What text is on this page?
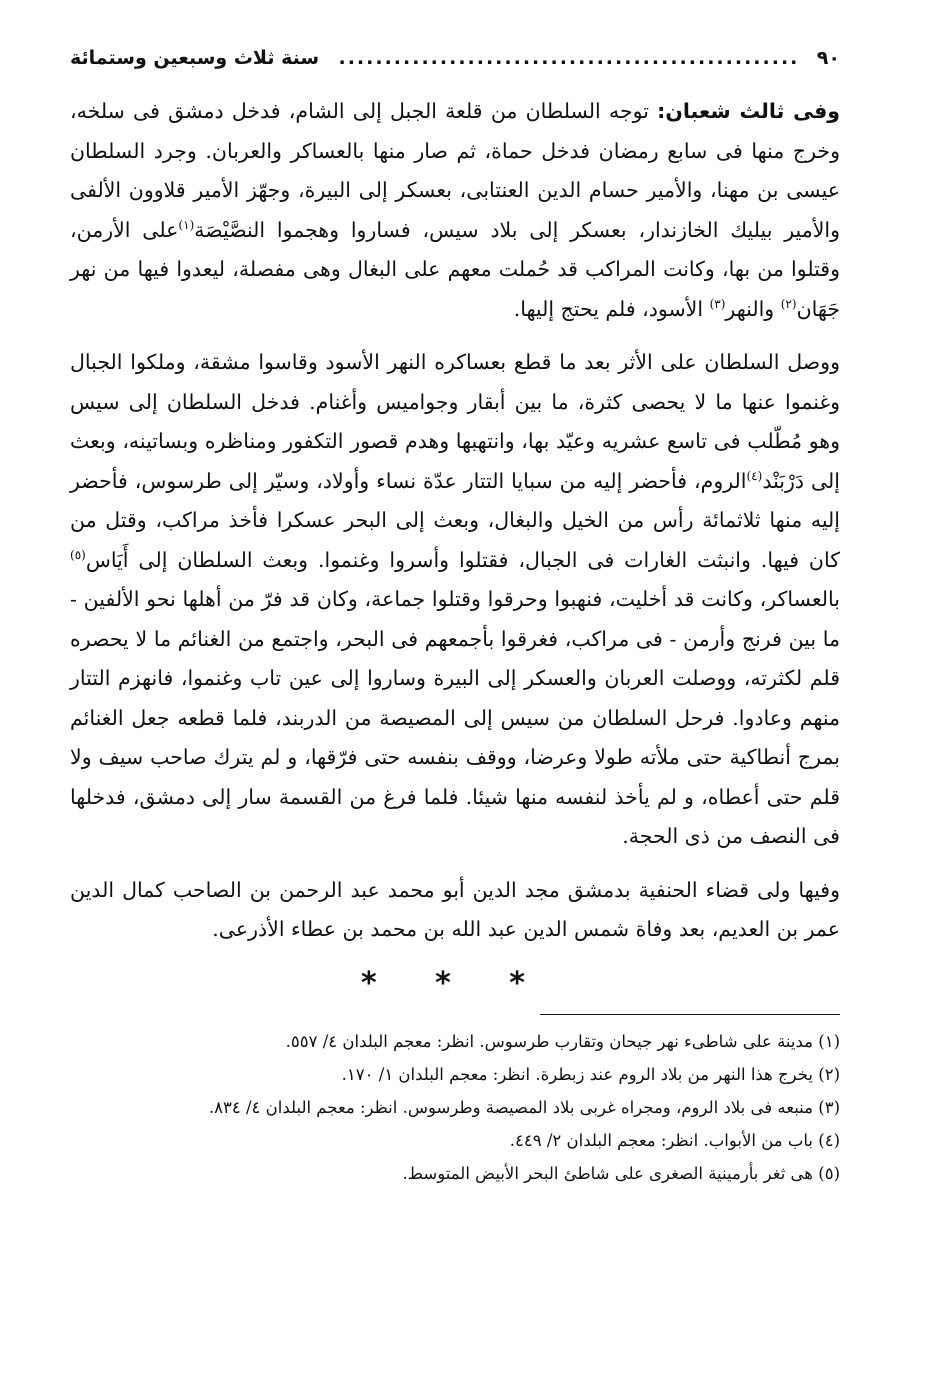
٩٠
..................................................
سنة ثلاث وسبعين وستمائة

وفى ثالث شعبان: توجه السلطان من قلعة الجبل إلى الشام، فدخل دمشق فى سلخه، وخرج منها فى سابع رمضان فدخل حماة، ثم صار منها بالعساكر والعربان. وجرد السلطان عيسى بن مهنا، والأمير حسام الدين العنتابى، بعسكر إلى البيرة، وجهّز الأمير قلاوون الألفى والأمير بيليك الخازندار، بعسكر إلى بلاد سيس، فساروا وهجموا النصَّيْصَة$^{(١)}$على الأرمن، وقتلوا من بها، وكانت المراكب قد حُملت معهم على البغال وهى مفصلة، ليعدوا فيها من نهر جَهَان$^{(٢)}$ والنهر$^{(٣)}$ الأسود، فلم يحتج إليها.

ووصل السلطان على الأثر بعد ما قطع بعساكره النهر الأسود وقاسوا مشقة، وملكوا الجبال وغنموا عنها ما لا يحصى كثرة، ما بين أبقار وجواميس وأغنام. فدخل السلطان إلى سيس وهو مُطّلب فى تاسع عشريه وعيّد بها، وانتهبها وهدم قصور التكفور ومناظره وبساتينه، وبعث إلى دَرْبَنْد$^{(٤)}$الروم، فأحضر إليه من سبايا التتار عدّة نساء وأولاد، وسيّر إلى طرسوس، فأحضر إليه منها ثلاثمائة رأس من الخيل والبغال، وبعث إلى البحر عسكرا فأخذ مراكب، وقتل من كان فيها. وانبثت الغارات فى الجبال، فقتلوا وأسروا وغنموا. وبعث السلطان إلى أَيَاس$^{(٥)}$ بالعساكر، وكانت قد أخليت، فنهبوا وحرقوا وقتلوا جماعة، وكان قد فرّ من أهلها نحو الألفين - ما بين فرنج وأرمن - فى مراكب، فغرقوا بأجمعهم فى البحر، واجتمع من الغنائم ما لا يحصره قلم لكثرته، ووصلت العربان والعسكر إلى البيرة وساروا إلى عين تاب وغنموا، فانهزم التتار منهم وعادوا. فرحل السلطان من سيس إلى المصيصة من الدربند، فلما قطعه جعل الغنائم بمرج أنطاكية حتى ملأته طولا وعرضا، ووقف بنفسه حتى فرّقها، و لم يترك صاحب سيف ولا قلم حتى أعطاه، و لم يأخذ لنفسه منها شيئا. فلما فرغ من القسمة سار إلى دمشق، فدخلها فى النصف من ذى الحجة.

وفيها ولى قضاء الحنفية بدمشق مجد الدين أبو محمد عبد الرحمن بن الصاحب كمال الدين عمر بن العديم، بعد وفاة شمس الدين عبد الله بن محمد بن عطاء الأذرعى.

* * *

(١) مدينة على شاطىء نهر جيحان وتقارب طرسوس. انظر: معجم البلدان ٤/ ٥٥٧.

(٢) يخرج هذا النهر من بلاد الروم عند زبطرة. انظر: معجم البلدان ١/ ١٧٠.

(٣) منبعه فى بلاد الروم، ومجراه غربى بلاد المصيصة وطرسوس. انظر: معجم البلدان ٤/ ٨٣٤.

(٤) باب من الأبواب. انظر: معجم البلدان ٢/ ٤٤٩.

(٥) هى ثغر بأرمينية الصغرى على شاطئ البحر الأبيض المتوسط.
